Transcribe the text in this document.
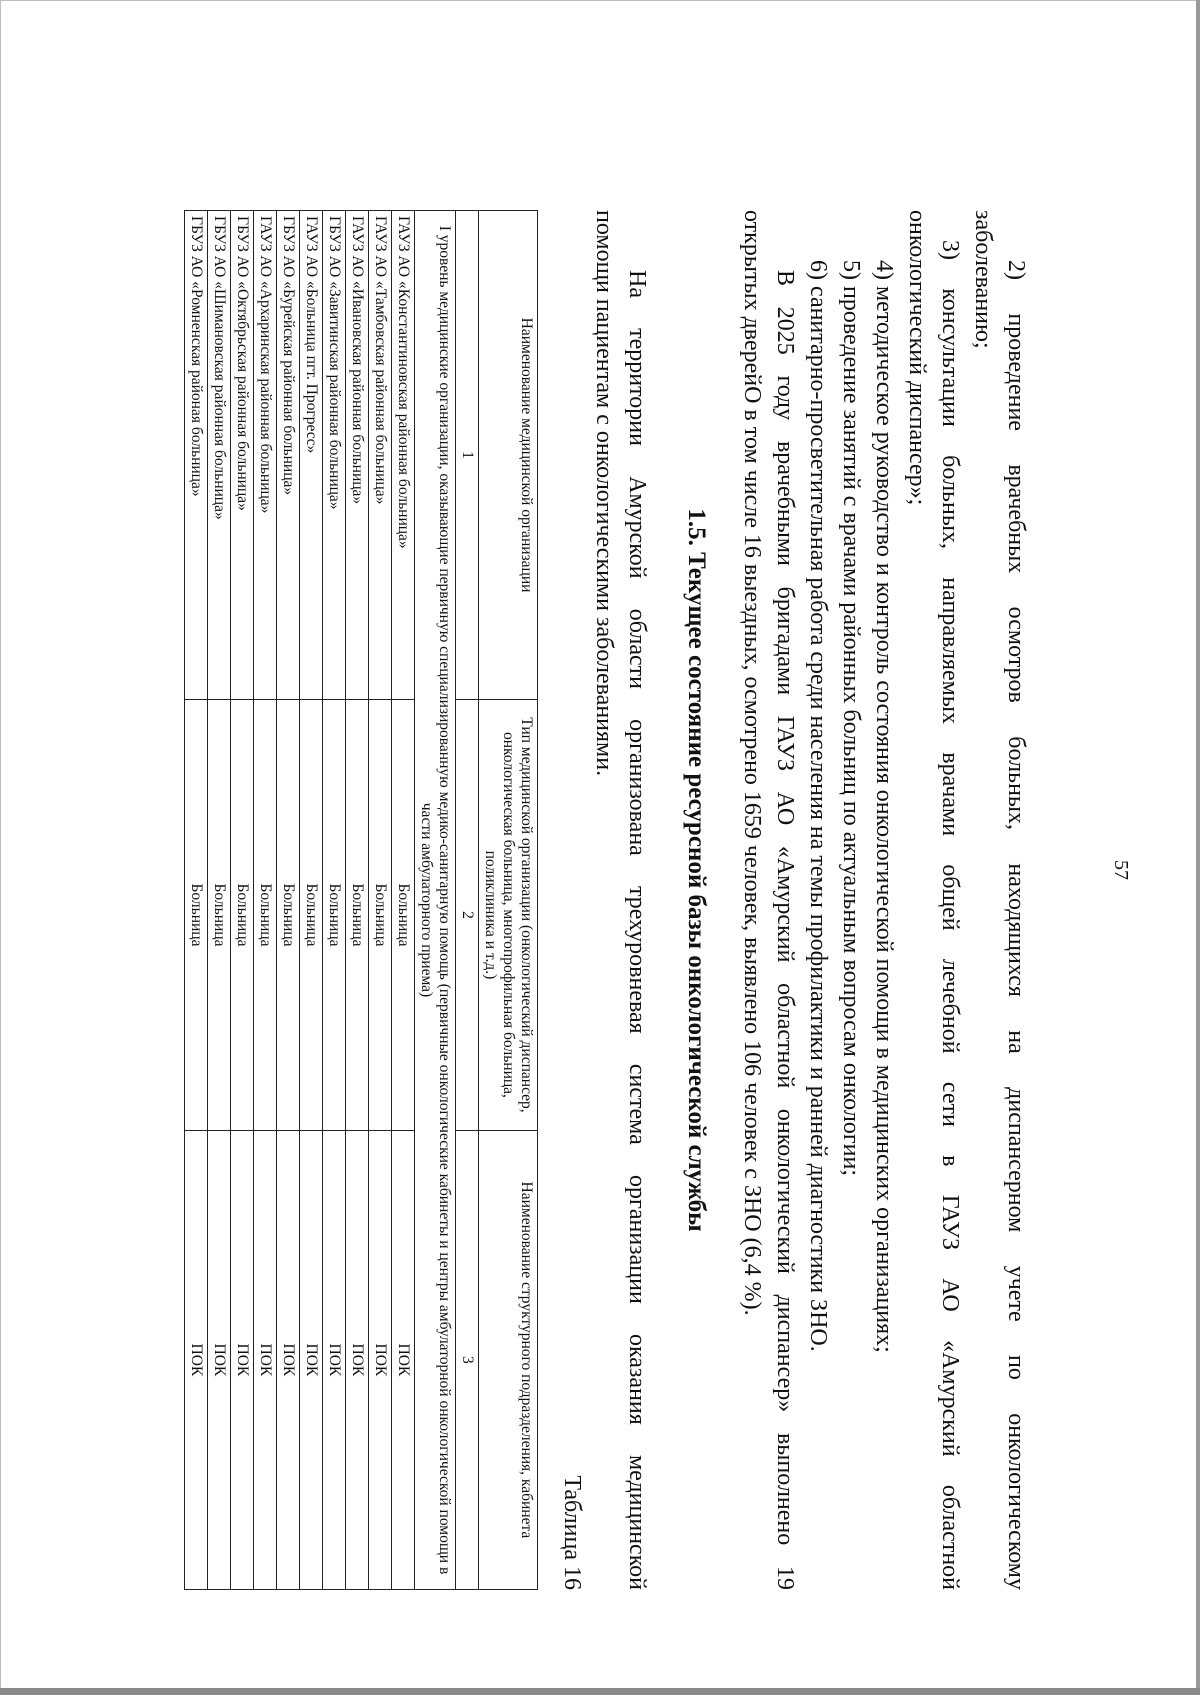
57
2) проведение врачебных осмотров больных, находящихся на диспансерном учете по онкологическому
заболеванию;
3) консультации больных, направляемых врачами общей лечебной сети в ГАУЗ АО «Амурский областной
онкологический диспансер»;
4) методическое руководство и контроль состояния онкологической помощи в медицинских организациях;
5) проведение занятий с врачами районных больниц по актуальным вопросам онкологии;
6) санитарно-просветительная работа среди населения на темы профилактики и ранней диагностики ЗНО.
В 2025 году врачебными бригадами ГАУЗ АО «Амурский областной онкологический диспансер» выполнено 19
открытых дверейО в том числе 16 выездных, осмотрено 1659 человек, выявлено 106 человек с ЗНО (6,4 %).
1.5. Текущее состояние ресурсной базы онкологической службы
На территории Амурской области организована трехуровневая система организации оказания медицинской
помощи пациентам с онкологическими заболеваниями.
Таблица 16
Наименование медицинской организации	Тип медицинской организации (онкологический диспансер, онкологическая больница, многопрофильная больница, поликлиника и т.д.)	Наименование структурного подразделения, кабинета
1	2	3
I уровень медицинские организации, оказывающие первичную специализированную медико-санитарную помощь (первичные онкологические кабинеты и центры амбулаторной онкологической помощи в части амбулаторного приема)		
ГАУЗ АО «Константиновская районная больница»	Больница	ПОК
ГАУЗ АО «Тамбовская районная больница»	Больница	ПОК
ГАУЗ АО «Ивановская районная больница»	Больница	ПОК
ГБУЗ АО «Завитинская районная больница»	Больница	ПОК
ГАУЗ АО «Больница пгт. Прогресс»	Больница	ПОК
ГБУЗ АО «Бурейская районная больница»	Больница	ПОК
ГАУЗ АО «Архаринская районная больница»	Больница	ПОК
ГБУЗ АО «Октябрьская районная больница»	Больница	ПОК
ГБУЗ АО «Шимановская районная больница»	Больница	ПОК
ГБУЗ АО «Ромненская районая больница»	Больница	ПОК
